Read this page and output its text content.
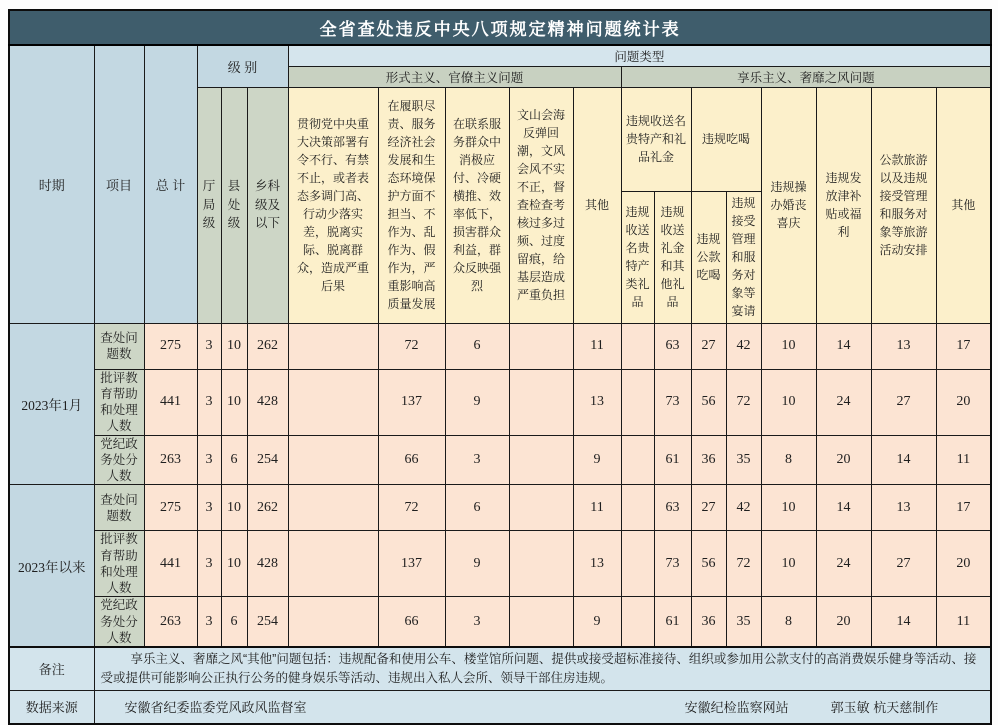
全省查处违反中央八项规定精神问题统计表																		
时期	项目	总 计	级 别			问题类型												
						形式主义、官僚主义问题					享乐主义、奢靡之风问题							
			厅局级	县处级	乡科级及以下	贯彻党中央重大决策部署有令不行、有禁不止，或者表态多调门高、行动少落实差，脱离实际、脱离群众，造成严重后果	在履职尽责、服务经济社会发展和生态环境保护方面不担当、不作为、乱作为、假作为，严重影响高质量发展	在联系服务群众中消极应付、冷硬横推、效率低下，损害群众利益，群众反映强烈	文山会海反弹回潮，文风会风不实不正，督查检查考核过多过频、过度留痕，给基层造成严重负担	其他	违规收送名贵特产和礼品礼金		违规吃喝		违规操办婚丧喜庆	违规发放津补贴或福利	公款旅游以及违规接受管理和服务对象等旅游活动安排	其他
											违规收送名贵特产类礼品	违规收送礼金和其他礼品	违规公款吃喝	违规接受管理和服务对象等宴请				
2023年1月	查处问题数	275	3	10	262		72	6		11		63	27	42	10	14	13	17
	批评教育帮助和处理人数	441	3	10	428		137	9		13		73	56	72	10	24	27	20
	党纪政务处分人数	263	3	6	254		66	3		9		61	36	35	8	20	14	11
2023年以来	查处问题数	275	3	10	262		72	6		11		63	27	42	10	14	13	17
	批评教育帮助和处理人数	441	3	10	428		137	9		13		73	56	72	10	24	27	20
	党纪政务处分人数	263	3	6	254		66	3		9		61	36	35	8	20	14	11
备注	享乐主义、奢靡之风“其他”问题包括：违规配备和使用公车、楼堂馆所问题、提供或接受超标准接待、组织或参加用公款支付的高消费娱乐健身等活动、接受或提供可能影响公正执行公务的健身娱乐等活动、违规出入私人会所、领导干部住房违规。																	

数据来源	安徽省纪委监委党风政风监督室 安徽纪检监察网站 郭玉敏 杭天慈制作																	
